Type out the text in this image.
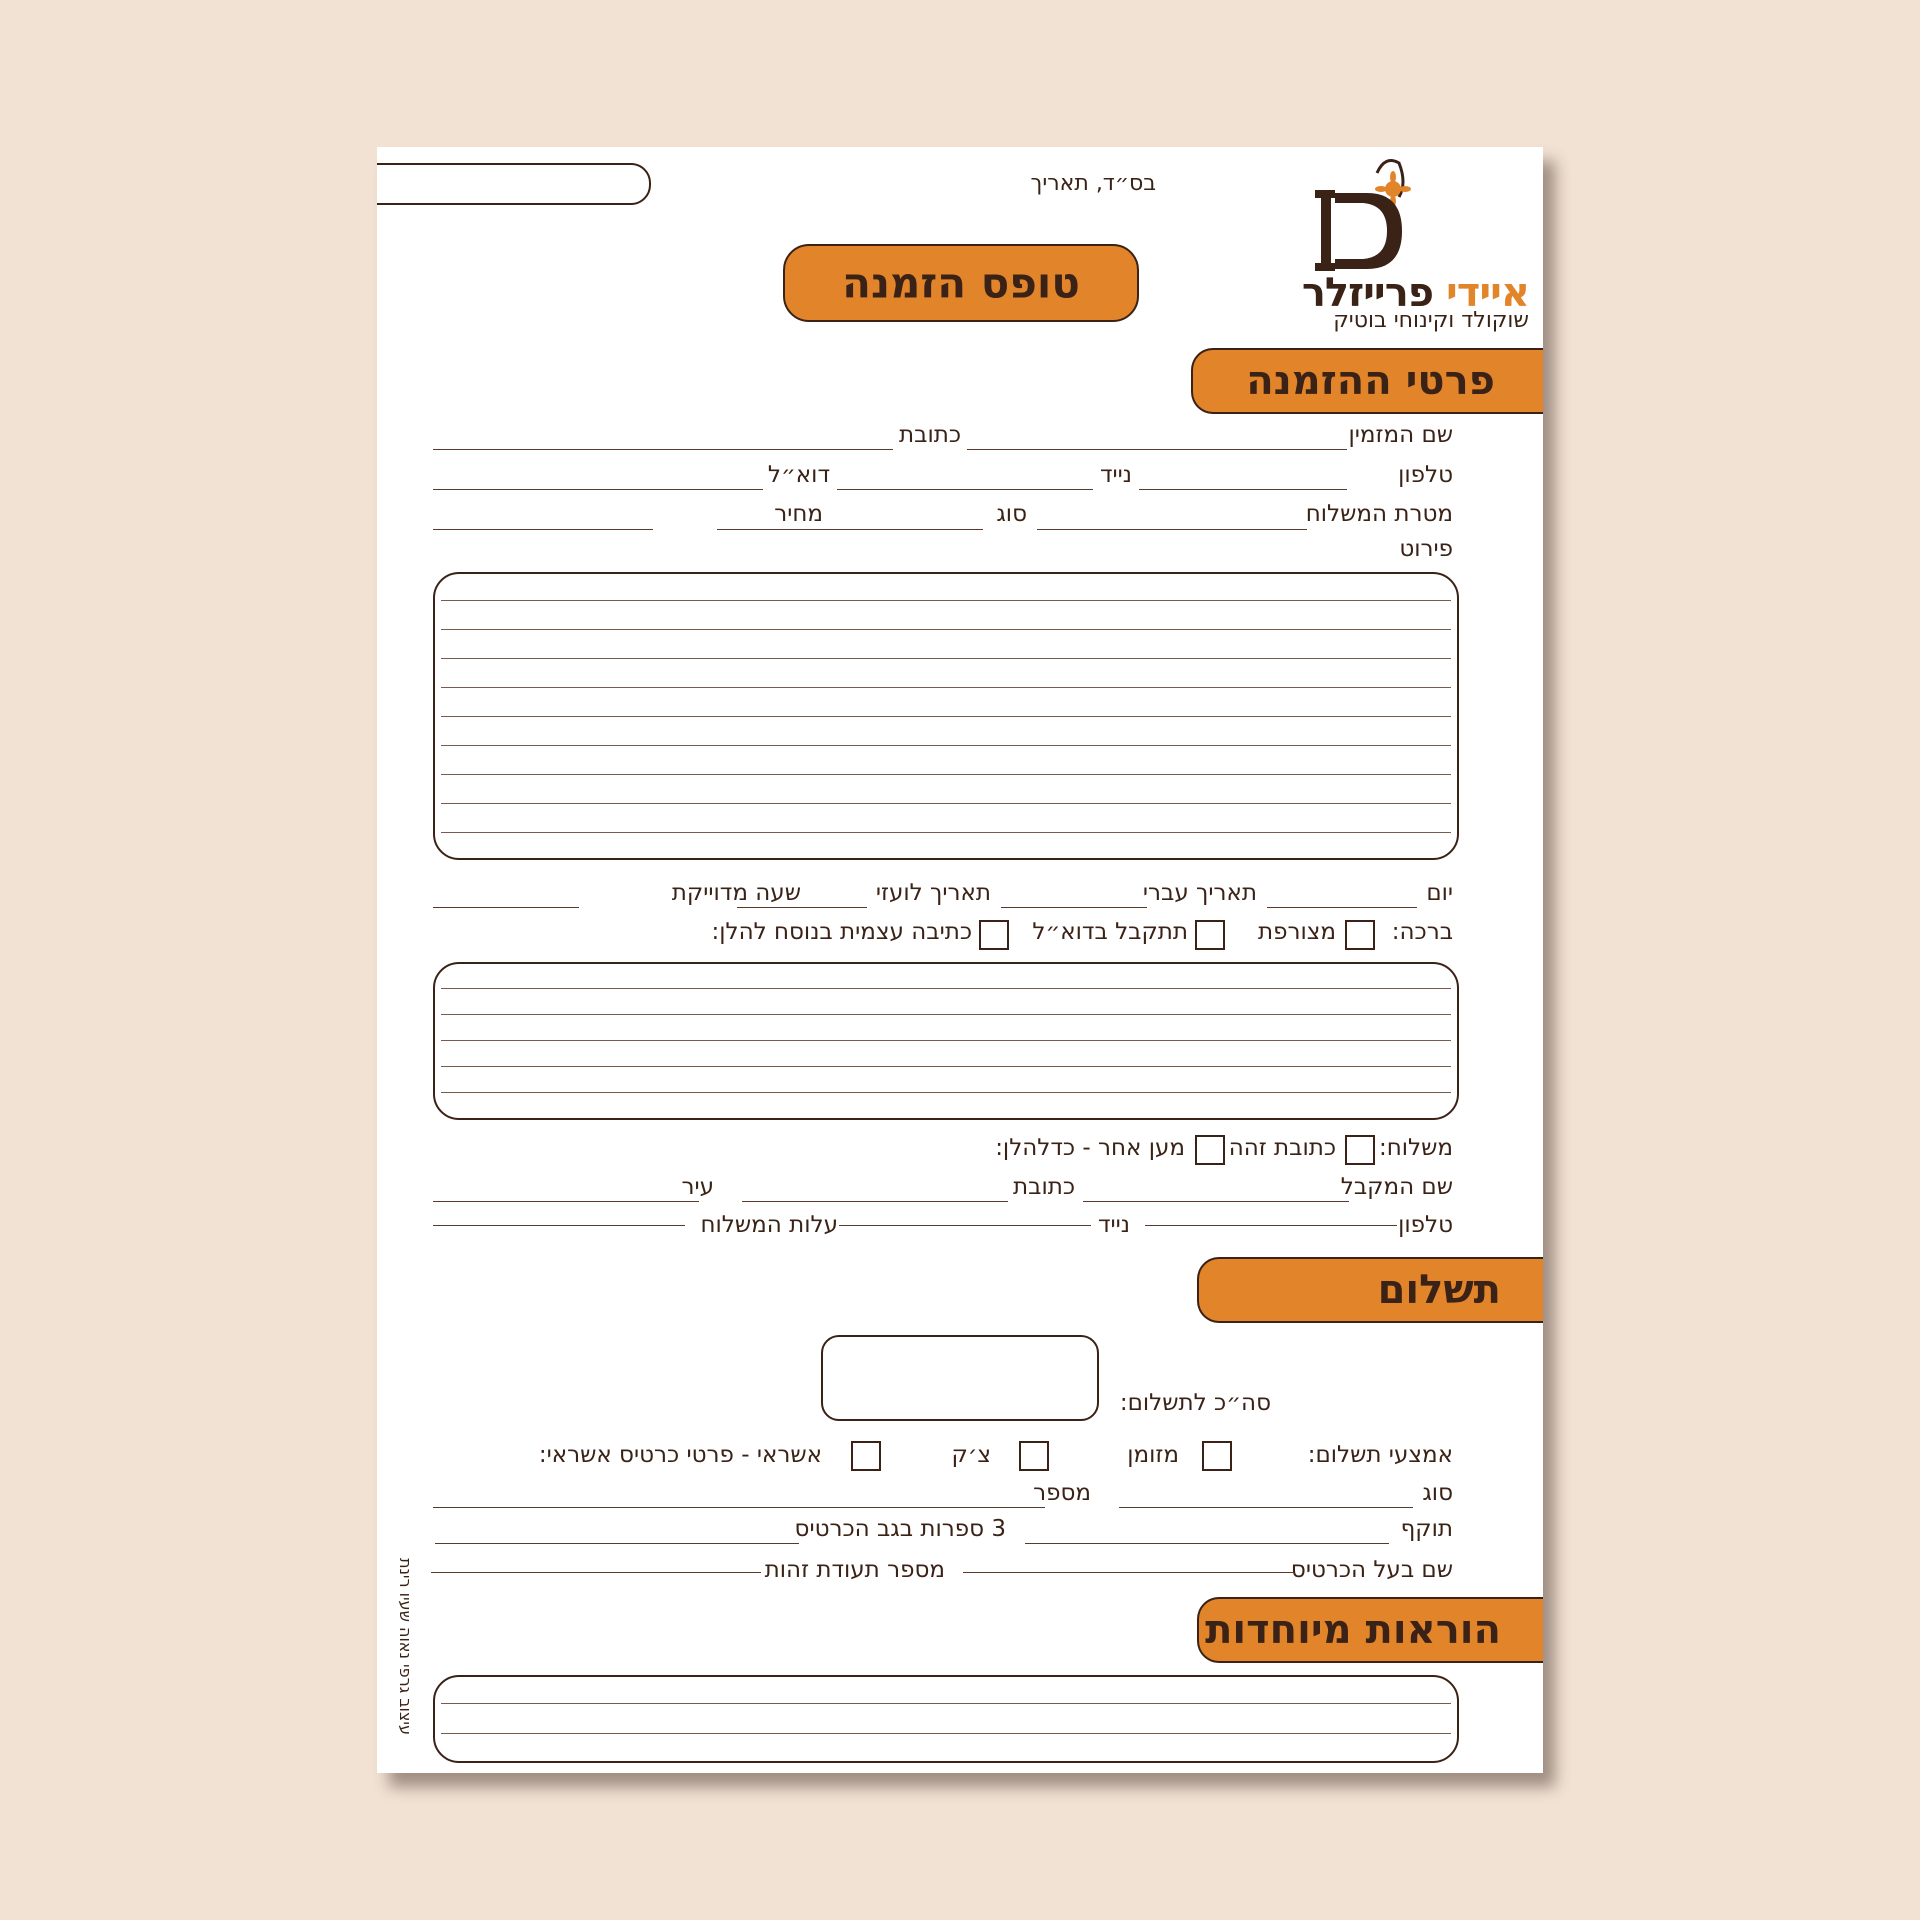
בס״ד, תאריך
איידי פרייזלר
שוקולד וקינוחי בוטיק
טופס הזמנה
פרטי ההזמנה
שם המזמין
כתובת
טלפון
נייד
דוא״ל
מטרת המשלוח
סוג
מחיר
פירוט
יום
תאריך עברי
תאריך לועזי
שעה מדוייקת
ברכה:
מצורפת
תתקבל בדוא״ל
כתיבה עצמית בנוסח להלן:
משלוח:
כתובת זהה
מען אחר - כדלהלן:
שם המקבל
כתובת
עיר
טלפון
נייד
עלות המשלוח
תשלום
סה״כ לתשלום:
אמצעי תשלום:
מזומן
צ׳ק
אשראי - פרטי כרטיס אשראי:
סוג
מספר
תוקף
3 ספרות בגב הכרטיס
שם בעל הכרטיס
מספר תעודת זהות
הוראות מיוחדות
עיצוב גרפי נאוה שעיו רינת
